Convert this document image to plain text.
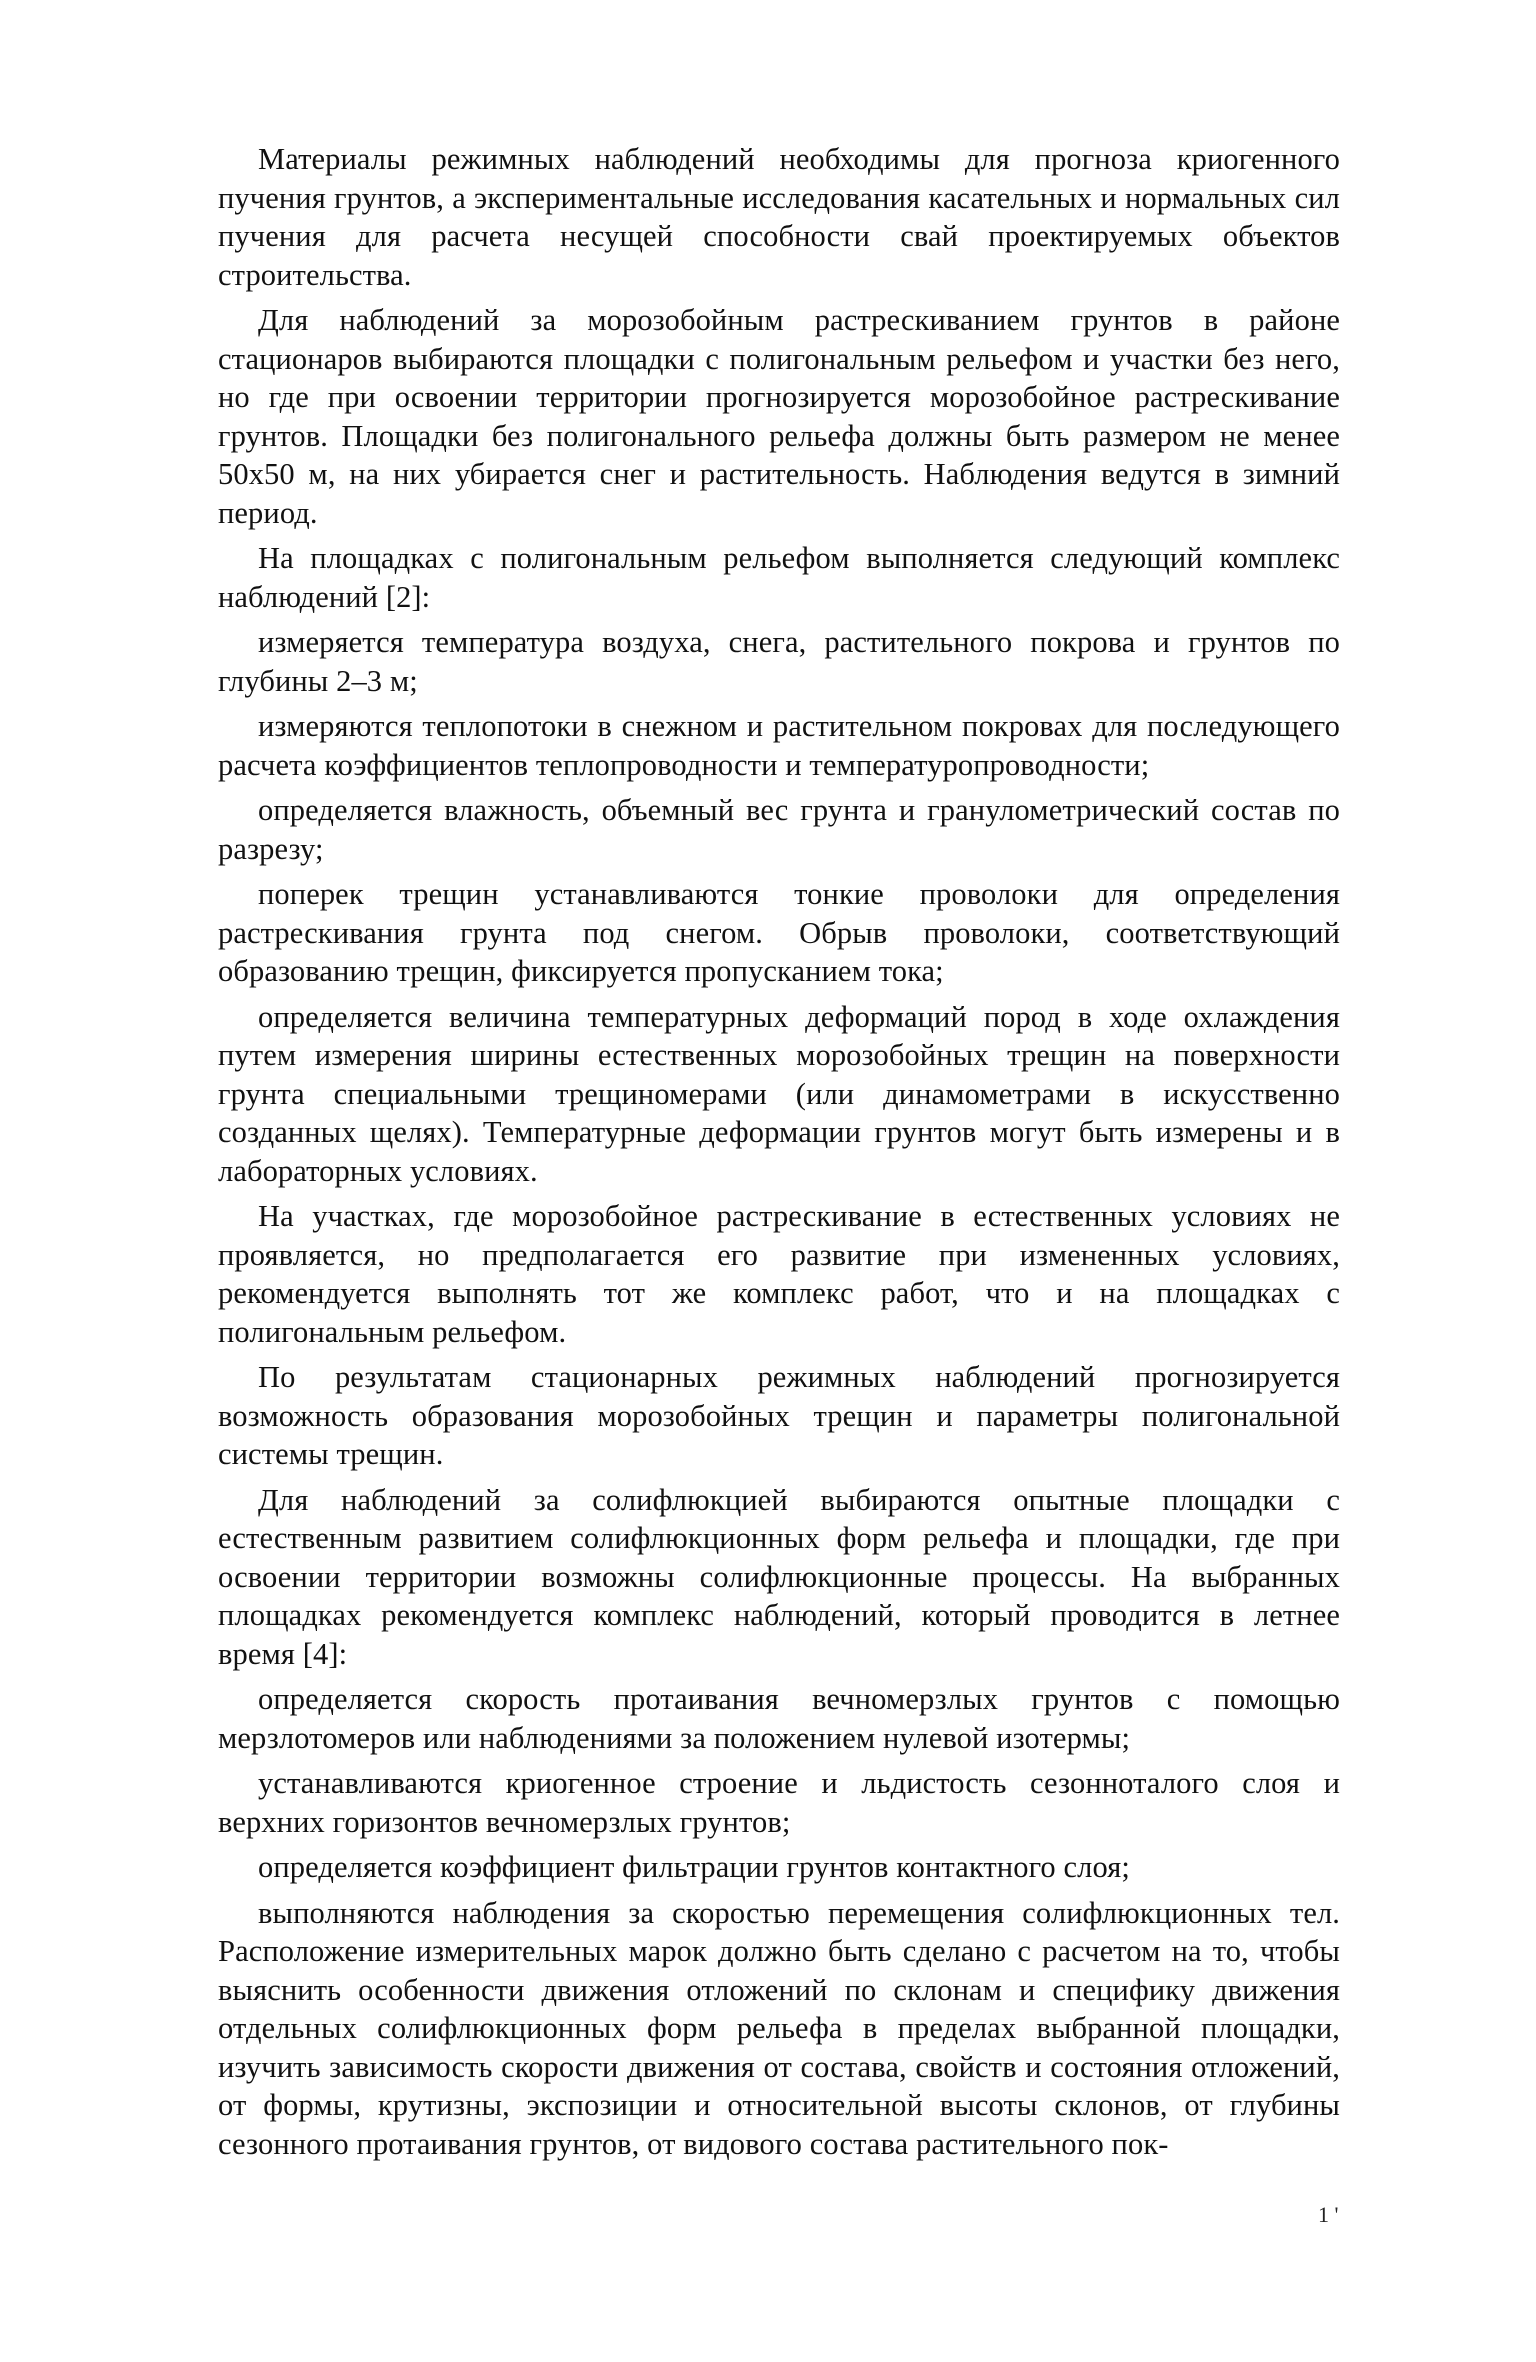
Материалы режимных наблюдений необходимы для прогноза криогенного пучения грунтов, а экспериментальные исследования касательных и нормальных сил пучения для расчета несущей способности свай проектируемых объектов строительства.

Для наблюдений за морозобойным растрескиванием грунтов в районе стационаров выбираются площадки с полигональным рельефом и участки без него, но где при освоении территории прогнозируется морозобойное растрескивание грунтов. Площадки без полигонального рельефа должны быть размером не менее 50х50 м, на них убирается снег и растительность. Наблюдения ведутся в зимний период.

На площадках с полигональным рельефом выполняется следующий комплекс наблюдений [2]:

измеряется температура воздуха, снега, растительного покрова и грунтов по глубины 2–3 м;

измеряются теплопотоки в снежном и растительном покровах для последующего расчета коэффициентов теплопроводности и температуропроводности;

определяется влажность, объемный вес грунта и гранулометрический состав по разрезу;

поперек трещин устанавливаются тонкие проволоки для определения растрескивания грунта под снегом. Обрыв проволоки, соответствующий образованию трещин, фиксируется пропусканием тока;

определяется величина температурных деформаций пород в ходе охлаждения путем измерения ширины естественных морозобойных трещин на поверхности грунта специальными трещиномерами (или динамометрами в искусственно созданных щелях). Температурные деформации грунтов могут быть измерены и в лабораторных условиях.

На участках, где морозобойное растрескивание в естественных условиях не проявляется, но предполагается его развитие при измененных условиях, рекомендуется выполнять тот же комплекс работ, что и на площадках с полигональным рельефом.

По результатам стационарных режимных наблюдений прогнозируется возможность образования морозобойных трещин и параметры полигональной системы трещин.

Для наблюдений за солифлюкцией выбираются опытные площадки с естественным развитием солифлюкционных форм рельефа и площадки, где при освоении территории возможны солифлюкционные процессы. На выбранных площадках рекомендуется комплекс наблюдений, который проводится в летнее время [4]:

определяется скорость протаивания вечномерзлых грунтов с помощью мерзлотомеров или наблюдениями за положением нулевой изотермы;

устанавливаются криогенное строение и льдистость сезонноталого слоя и верхних горизонтов вечномерзлых грунтов;

определяется коэффициент фильтрации грунтов контактного слоя;

выполняются наблюдения за скоростью перемещения солифлюкционных тел. Расположение измерительных марок должно быть сделано с расчетом на то, чтобы выяснить особенности движения отложений по склонам и специфику движения отдельных солифлюкционных форм рельефа в пределах выбранной площадки, изучить зависимость скорости движения от состава, свойств и состояния отложений, от формы, крутизны, экспозиции и относительной высоты склонов, от глубины сезонного протаивания грунтов, от видового состава растительного пок-

1 '
